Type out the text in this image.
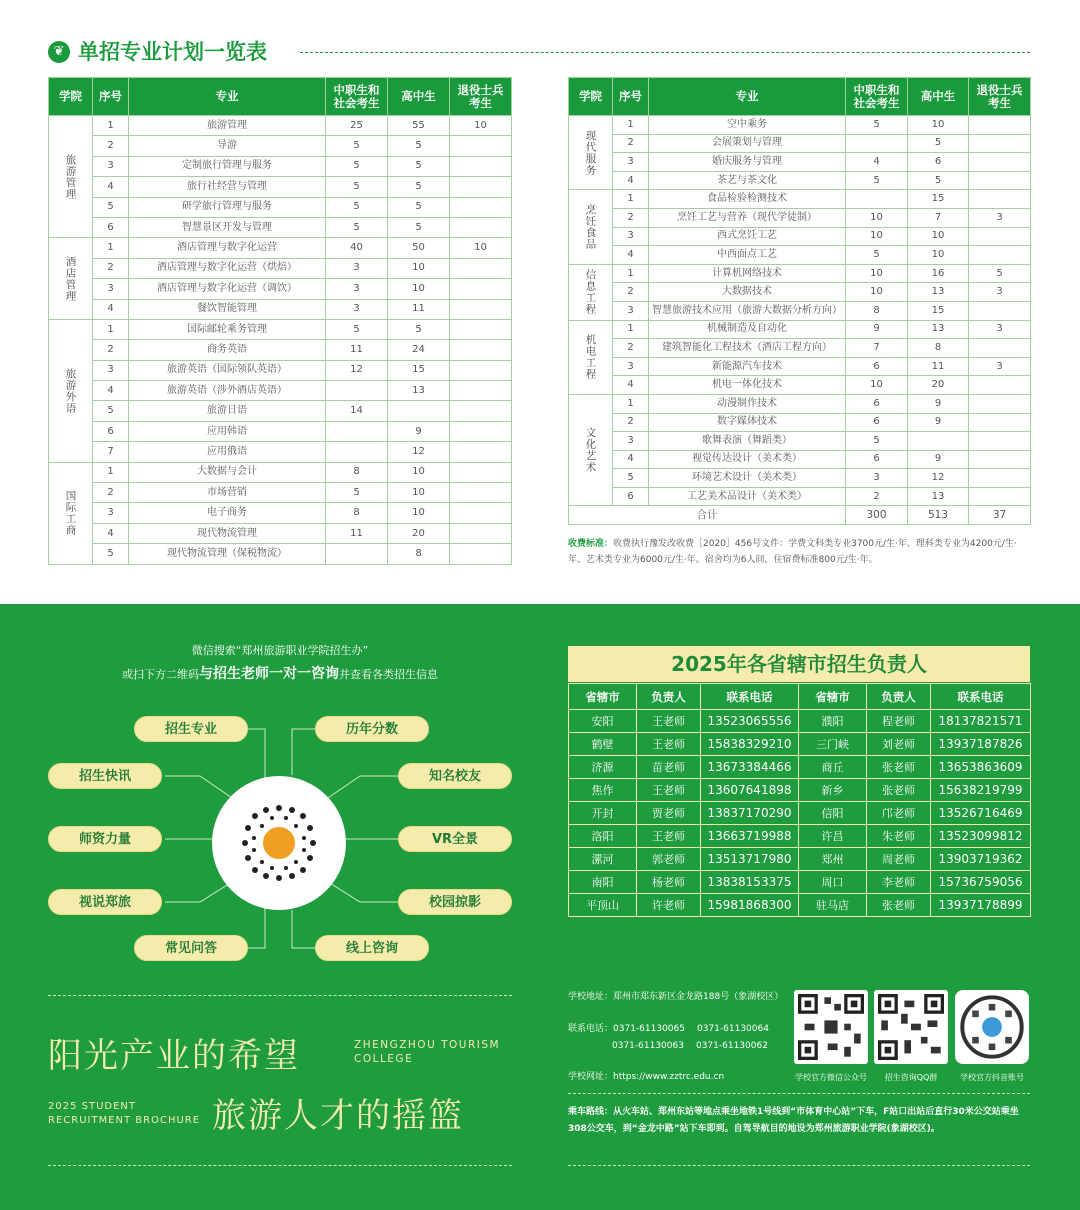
❦ 单招专业计划一览表
学院	序号	专业	中职生和社会考生	高中生	退役士兵考生
旅游管理	1	旅游管理	25	55	10
	2	导游	5	5	
	3	定制旅行管理与服务	5	5	
	4	旅行社经营与管理	5	5	
	5	研学旅行管理与服务	5	5	
	6	智慧景区开发与管理	5	5	
酒店管理	1	酒店管理与数字化运营	40	50	10
	2	酒店管理与数字化运营（烘焙）	3	10	
	3	酒店管理与数字化运营（调饮）	3	10	
	4	餐饮智能管理	3	11	
旅游外语	1	国际邮轮乘务管理	5	5	
	2	商务英语	11	24	
	3	旅游英语（国际领队英语）	12	15	
	4	旅游英语（涉外酒店英语）		13	
	5	旅游日语	14		
	6	应用韩语		9	
	7	应用俄语		12	
国际工商	1	大数据与会计	8	10	
	2	市场营销	5	10	
	3	电子商务	8	10	
	4	现代物流管理	11	20	
	5	现代物流管理（保税物流）		8	
学院	序号	专业	中职生和社会考生	高中生	退役士兵考生
现代服务	1	空中乘务	5	10	
	2	会展策划与管理		5	
	3	婚庆服务与管理	4	6	
	4	茶艺与茶文化	5	5	
烹饪食品	1	食品检验检测技术		15	
	2	烹饪工艺与营养（现代学徒制）	10	7	3
	3	西式烹饪工艺	10	10	
	4	中西面点工艺	5	10	
信息工程	1	计算机网络技术	10	16	5
	2	大数据技术	10	13	3
	3	智慧旅游技术应用（旅游大数据分析方向）	8	15	
机电工程	1	机械制造及自动化	9	13	3
	2	建筑智能化工程技术（酒店工程方向）	7	8	
	3	新能源汽车技术	6	11	3
	4	机电一体化技术	10	20	
文化艺术	1	动漫制作技术	6	9	
	2	数字媒体技术	6	9	
	3	歌舞表演（舞蹈类）	5		
	4	视觉传达设计（美术类）	6	9	
	5	环境艺术设计（美术类）	3	12	
	6	工艺美术品设计（美术类）	2	13	
合计			300	513	37
收费标准：收费执行豫发改收费［2020］456号文件：学费文科类专业3700元/生·年、理科类专业为4200元/生·年、艺术类专业为6000元/生·年。宿舍均为6人间，住宿费标准800元/生·年。
微信搜索“郑州旅游职业学院招生办”
或扫下方二维码与招生老师一对一咨询并查看各类招生信息
招生专业	历年分数
招生快讯	知名校友
师资力量	VR全景
视说郑旅	校园掠影
常见问答	线上咨询
阳光产业的希望	ZHENGZHOU TOURISM
COLLEGE
2025 STUDENT
RECRUITMENT BROCHURE 旅游人才的摇篮
2025年各省辖市招生负责人
省辖市	负责人	联系电话	省辖市	负责人	联系电话
安阳	王老师	13523065556	濮阳	程老师	18137821571
鹤壁	王老师	15838329210	三门峡	刘老师	13937187826
济源	苗老师	13673384466	商丘	张老师	13653863609
焦作	王老师	13607641898	新乡	张老师	15638219799
开封	贾老师	13837170290	信阳	邝老师	13526716469
洛阳	王老师	13663719988	许昌	朱老师	13523099812
漯河	郭老师	13513717980	郑州	周老师	13903719362
南阳	杨老师	13838153375	周口	李老师	15736759056
平顶山	许老师	15981868300	驻马店	张老师	13937178899
学校地址：郑州市郑东新区金龙路188号（象湖校区）
联系电话：0371-61130065 0371-61130064
0371-61130063 0371-61130062
学校网址：https://www.zztrc.edu.cn	学校官方微信公众号	招生咨询QQ群	学校官方抖音账号
乘车路线：从火车站、郑州东站等地点乘坐地铁1号线到“市体育中心站”下车，F站口出站后直行30米公交站乘坐308公交车，到“金龙中路”站下车即到。自驾导航目的地设为郑州旅游职业学院(象湖校区)。
